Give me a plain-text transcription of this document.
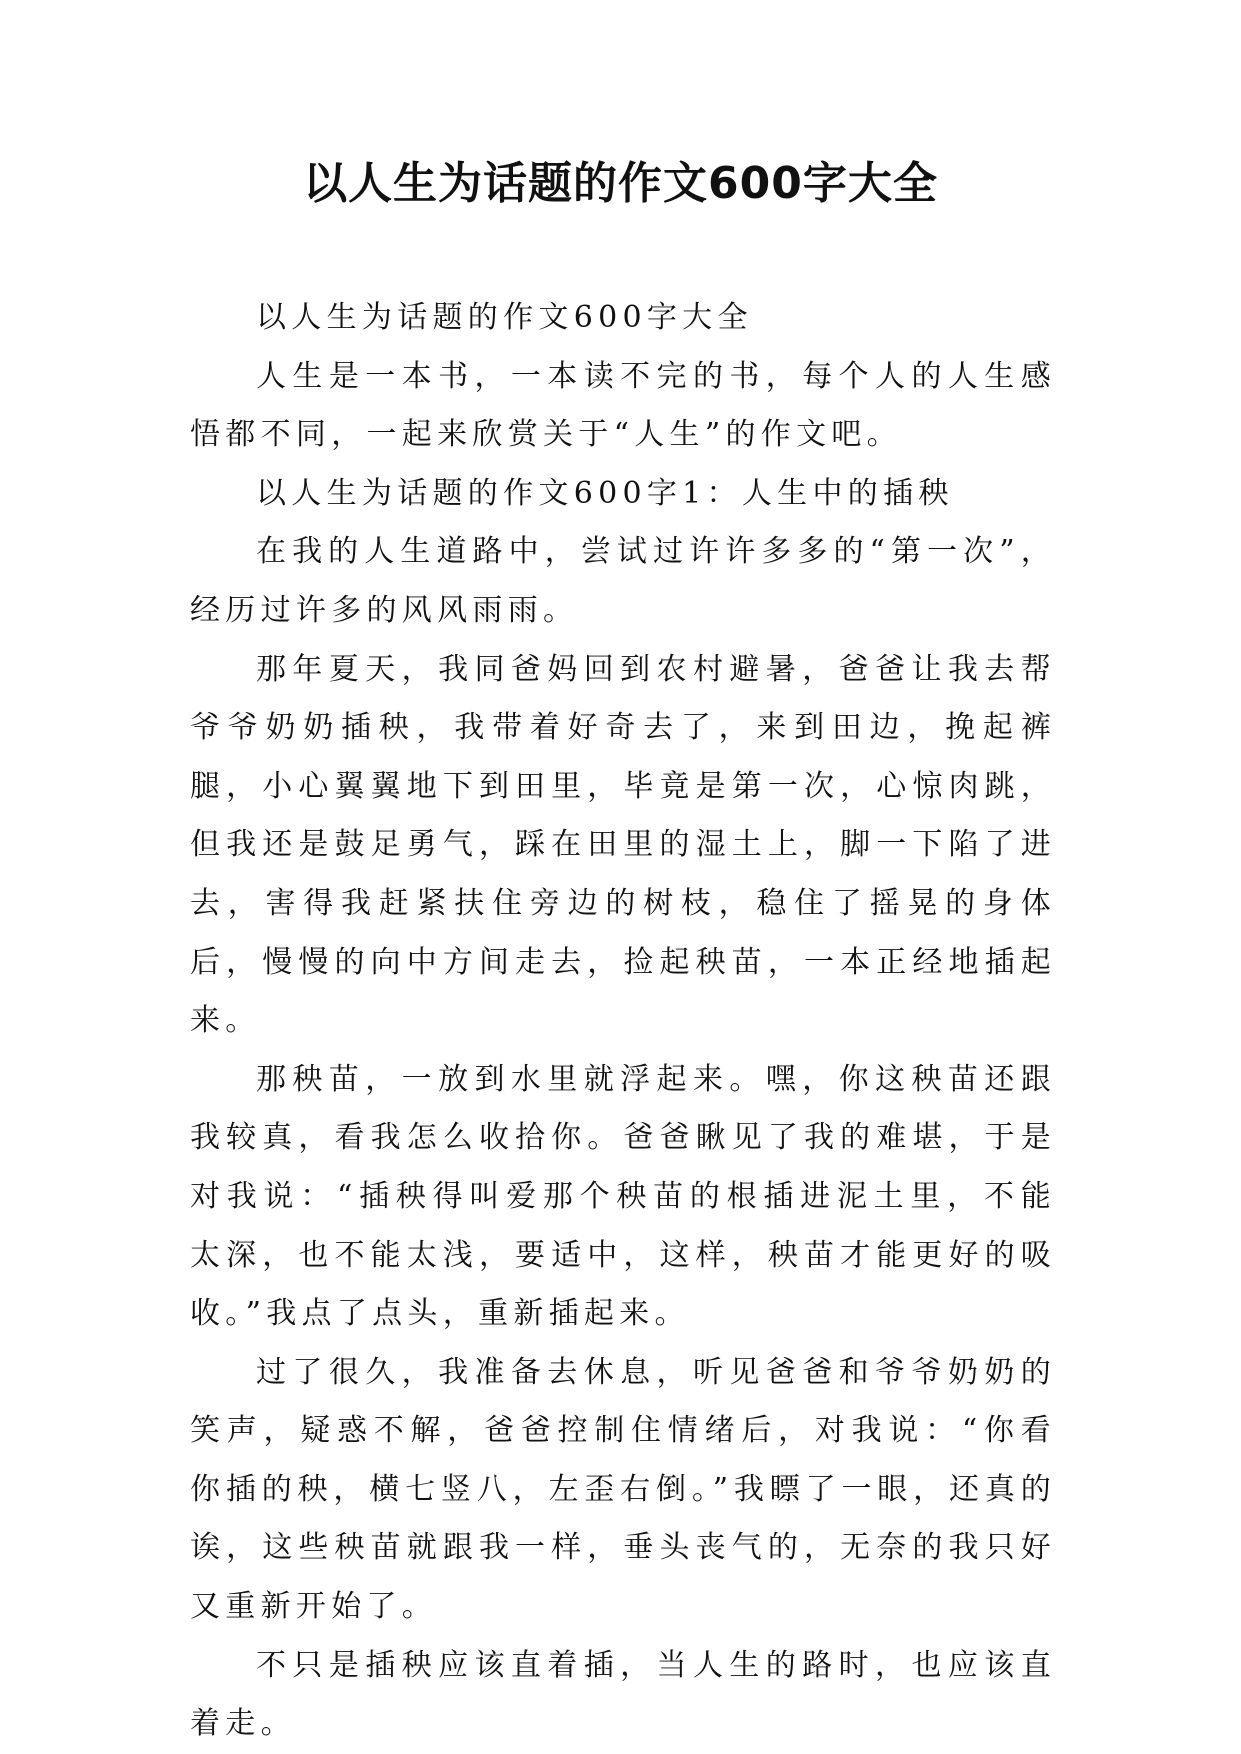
以人生为话题的作文600字大全

以人生为话题的作文600字大全

人生是一本书，一本读不完的书，每个人的人生感悟都不同，一起来欣赏关于“人生”的作文吧。

以人生为话题的作文600字1：人生中的插秧

在我的人生道路中，尝试过许许多多的“第一次”，经历过许多的风风雨雨。

那年夏天，我同爸妈回到农村避暑，爸爸让我去帮爷爷奶奶插秧，我带着好奇去了，来到田边，挽起裤腿，小心翼翼地下到田里，毕竟是第一次，心惊肉跳，但我还是鼓足勇气，踩在田里的湿土上，脚一下陷了进去，害得我赶紧扶住旁边的树枝，稳住了摇晃的身体后，慢慢的向中方间走去，捡起秧苗，一本正经地插起来。

那秧苗，一放到水里就浮起来。嘿，你这秧苗还跟我较真，看我怎么收拾你。爸爸瞅见了我的难堪，于是对我说：“插秧得叫爱那个秧苗的根插进泥土里，不能太深，也不能太浅，要适中，这样，秧苗才能更好的吸收。”我点了点头，重新插起来。

过了很久，我准备去休息，听见爸爸和爷爷奶奶的笑声，疑惑不解，爸爸控制住情绪后，对我说：“你看你插的秧，横七竖八，左歪右倒。”我瞟了一眼，还真的诶，这些秧苗就跟我一样，垂头丧气的，无奈的我只好又重新开始了。

不只是插秧应该直着插，当人生的路时，也应该直着走。
